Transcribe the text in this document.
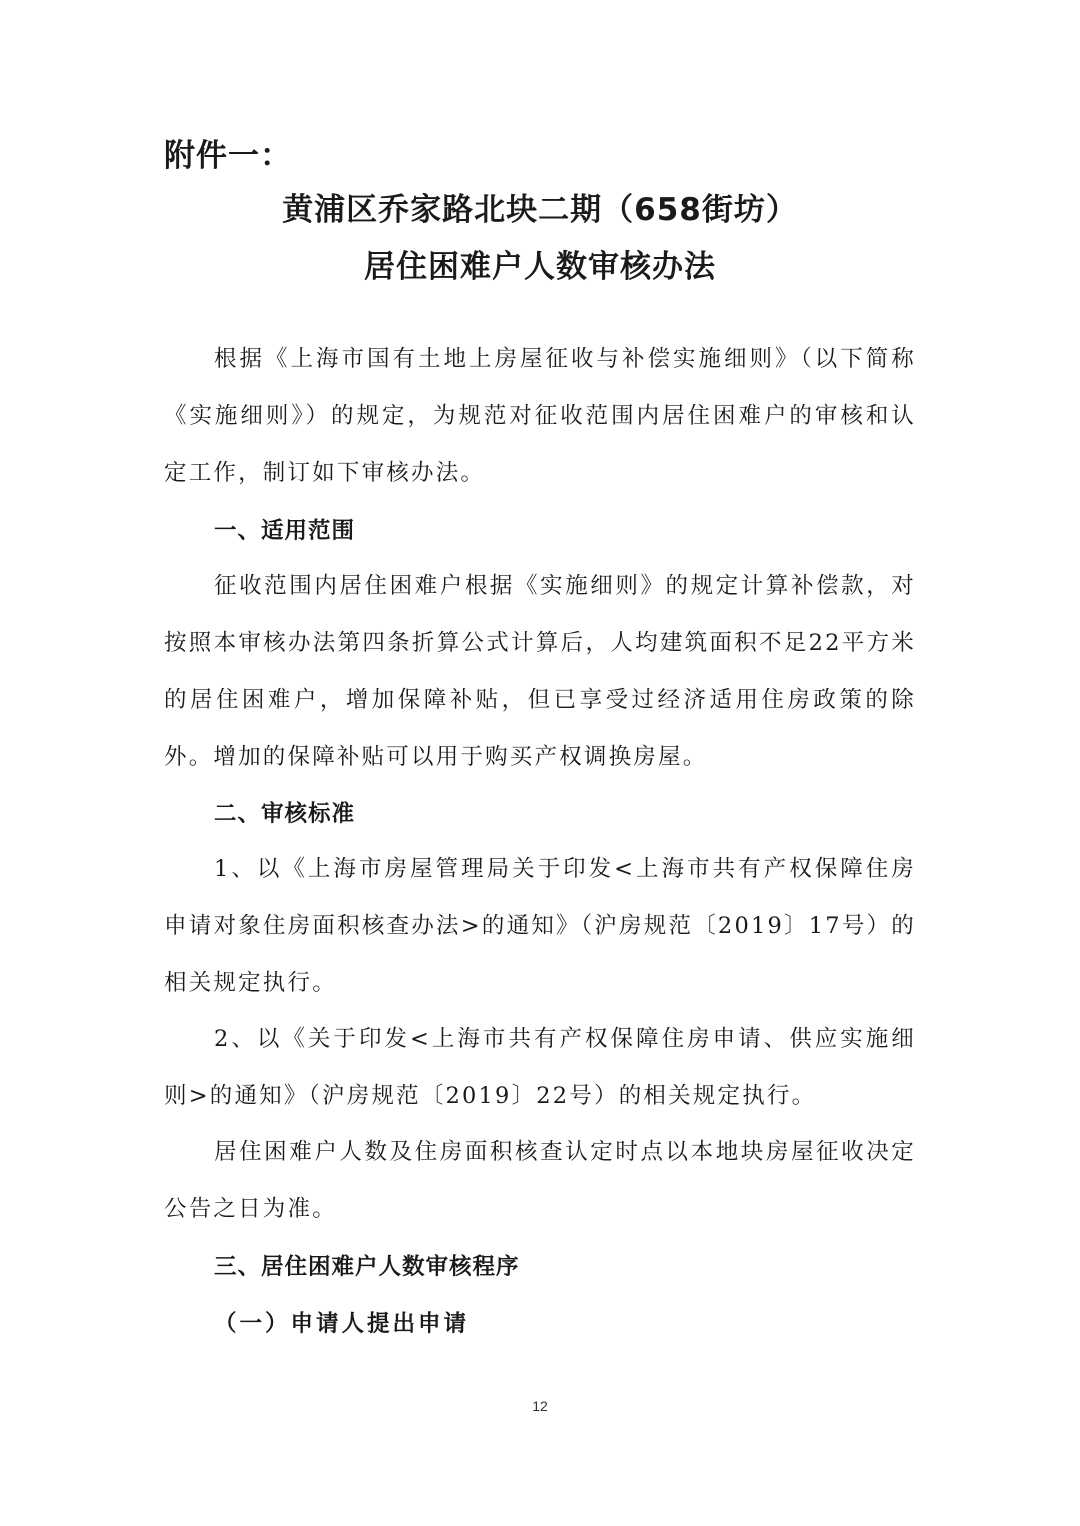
附件一：
黄浦区乔家路北块二期（658街坊）
居住困难户人数审核办法

根据《上海市国有土地上房屋征收与补偿实施细则》（以下简称《实施细则》）的规定，为规范对征收范围内居住困难户的审核和认定工作，制订如下审核办法。

一、适用范围

征收范围内居住困难户根据《实施细则》的规定计算补偿款，对按照本审核办法第四条折算公式计算后，人均建筑面积不足22平方米的居住困难户，增加保障补贴，但已享受过经济适用住房政策的除外。增加的保障补贴可以用于购买产权调换房屋。

二、审核标准

1、以《上海市房屋管理局关于印发<上海市共有产权保障住房申请对象住房面积核查办法>的通知》（沪房规范〔2019〕17号）的相关规定执行。

2、以《关于印发<上海市共有产权保障住房申请、供应实施细则>的通知》（沪房规范〔2019〕22号）的相关规定执行。

居住困难户人数及住房面积核查认定时点以本地块房屋征收决定公告之日为准。

三、居住困难户人数审核程序

（一）申请人提出申请

12
